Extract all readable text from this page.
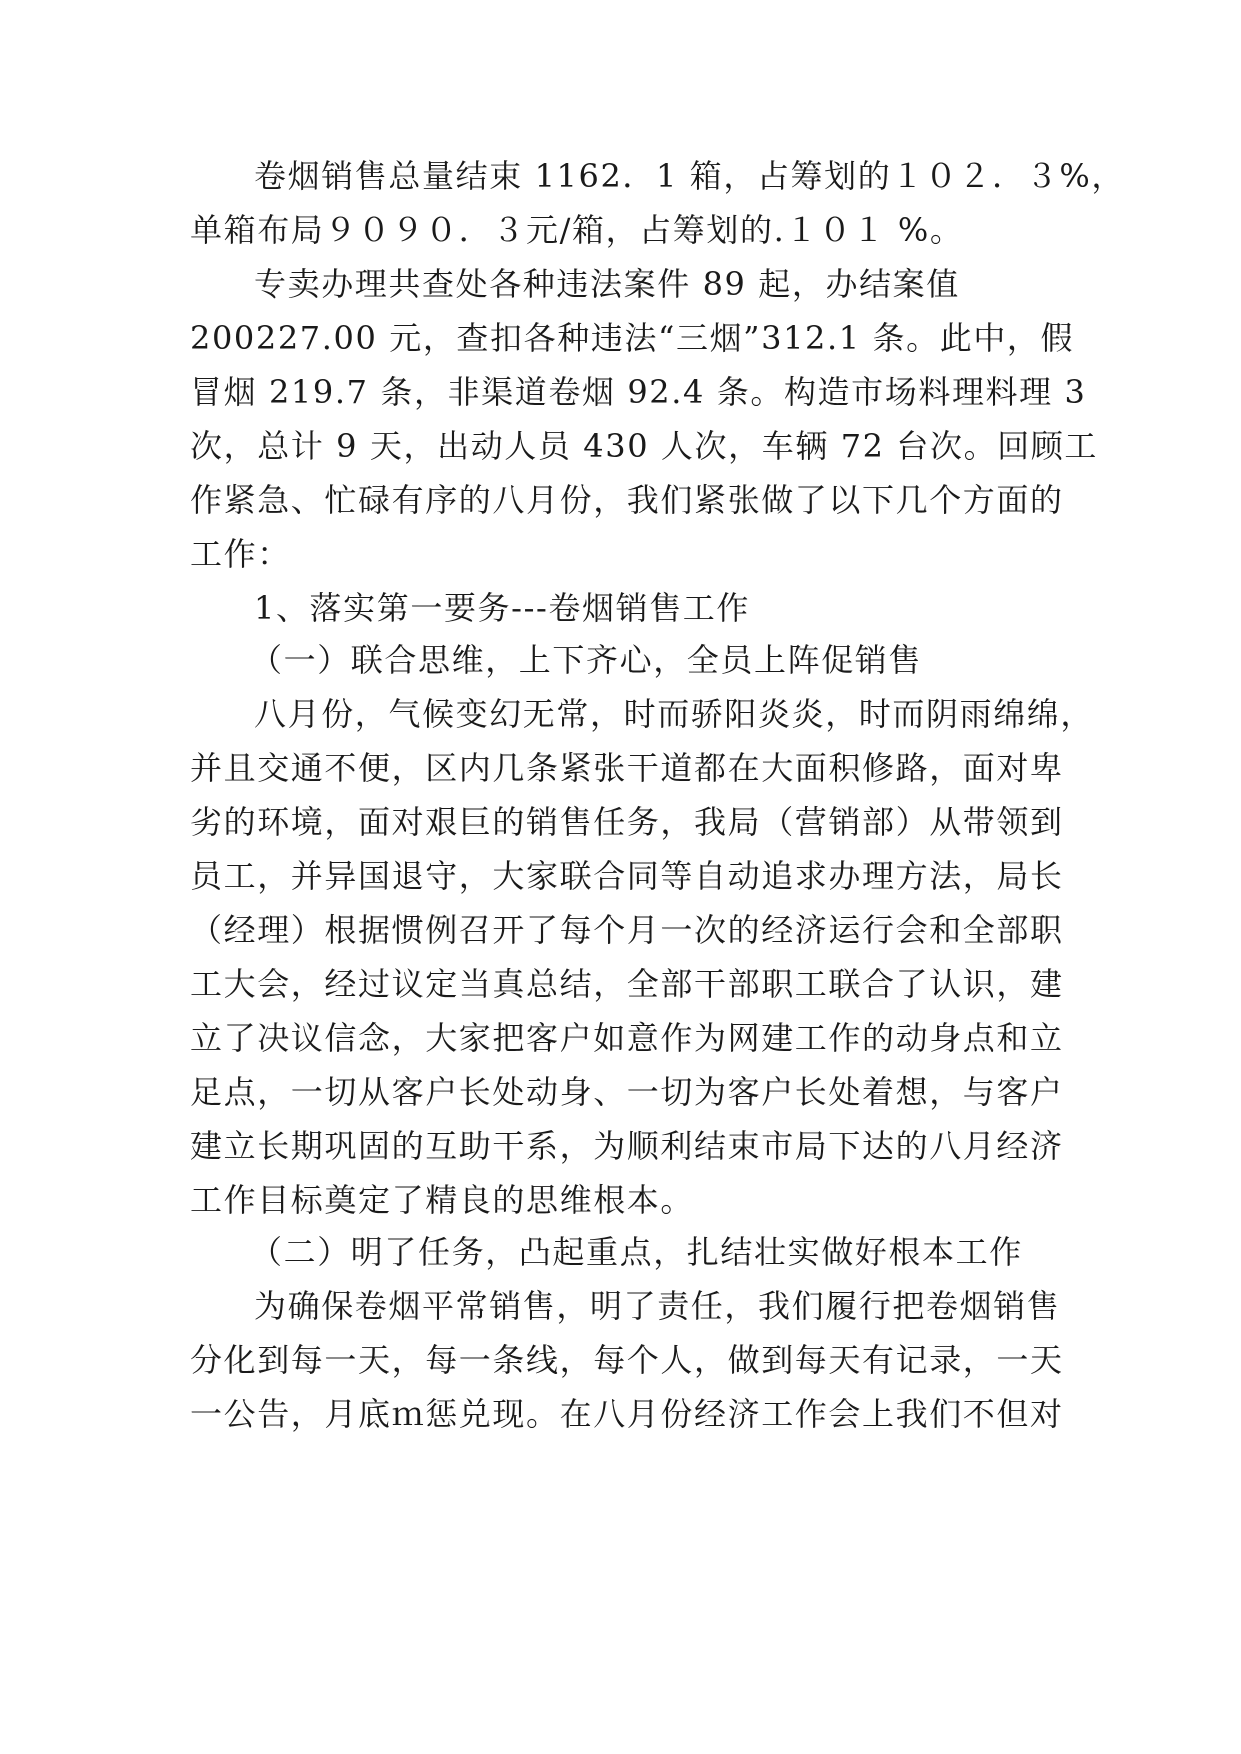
卷烟销售总量结束 1162．1 箱，占筹划的１０２．３%，
单箱布局９０９０．３元/箱，占筹划的.１０１ %。
专卖办理共查处各种违法案件 89 起，办结案值
200227.00 元，查扣各种违法“三烟”312.1 条。此中，假
冒烟 219.7 条，非渠道卷烟 92.4 条。构造市场料理料理 3
次，总计 9 天，出动人员 430 人次，车辆 72 台次。回顾工
作紧急、忙碌有序的八月份，我们紧张做了以下几个方面的
工作：
1、落实第一要务---卷烟销售工作
（一）联合思维，上下齐心，全员上阵促销售
八月份，气候变幻无常，时而骄阳炎炎，时而阴雨绵绵，
并且交通不便，区内几条紧张干道都在大面积修路，面对卑
劣的环境，面对艰巨的销售任务，我局（营销部）从带领到
员工，并异国退守，大家联合同等自动追求办理方法，局长
（经理）根据惯例召开了每个月一次的经济运行会和全部职
工大会，经过议定当真总结，全部干部职工联合了认识，建
立了决议信念，大家把客户如意作为网建工作的动身点和立
足点，一切从客户长处动身、一切为客户长处着想，与客户
建立长期巩固的互助干系，为顺利结束市局下达的八月经济
工作目标奠定了精良的思维根本。
（二）明了任务，凸起重点，扎结壮实做好根本工作
为确保卷烟平常销售，明了责任，我们履行把卷烟销售
分化到每一天，每一条线，每个人，做到每天有记录，一天
一公告，月底ｍ惩兑现。在八月份经济工作会上我们不但对
